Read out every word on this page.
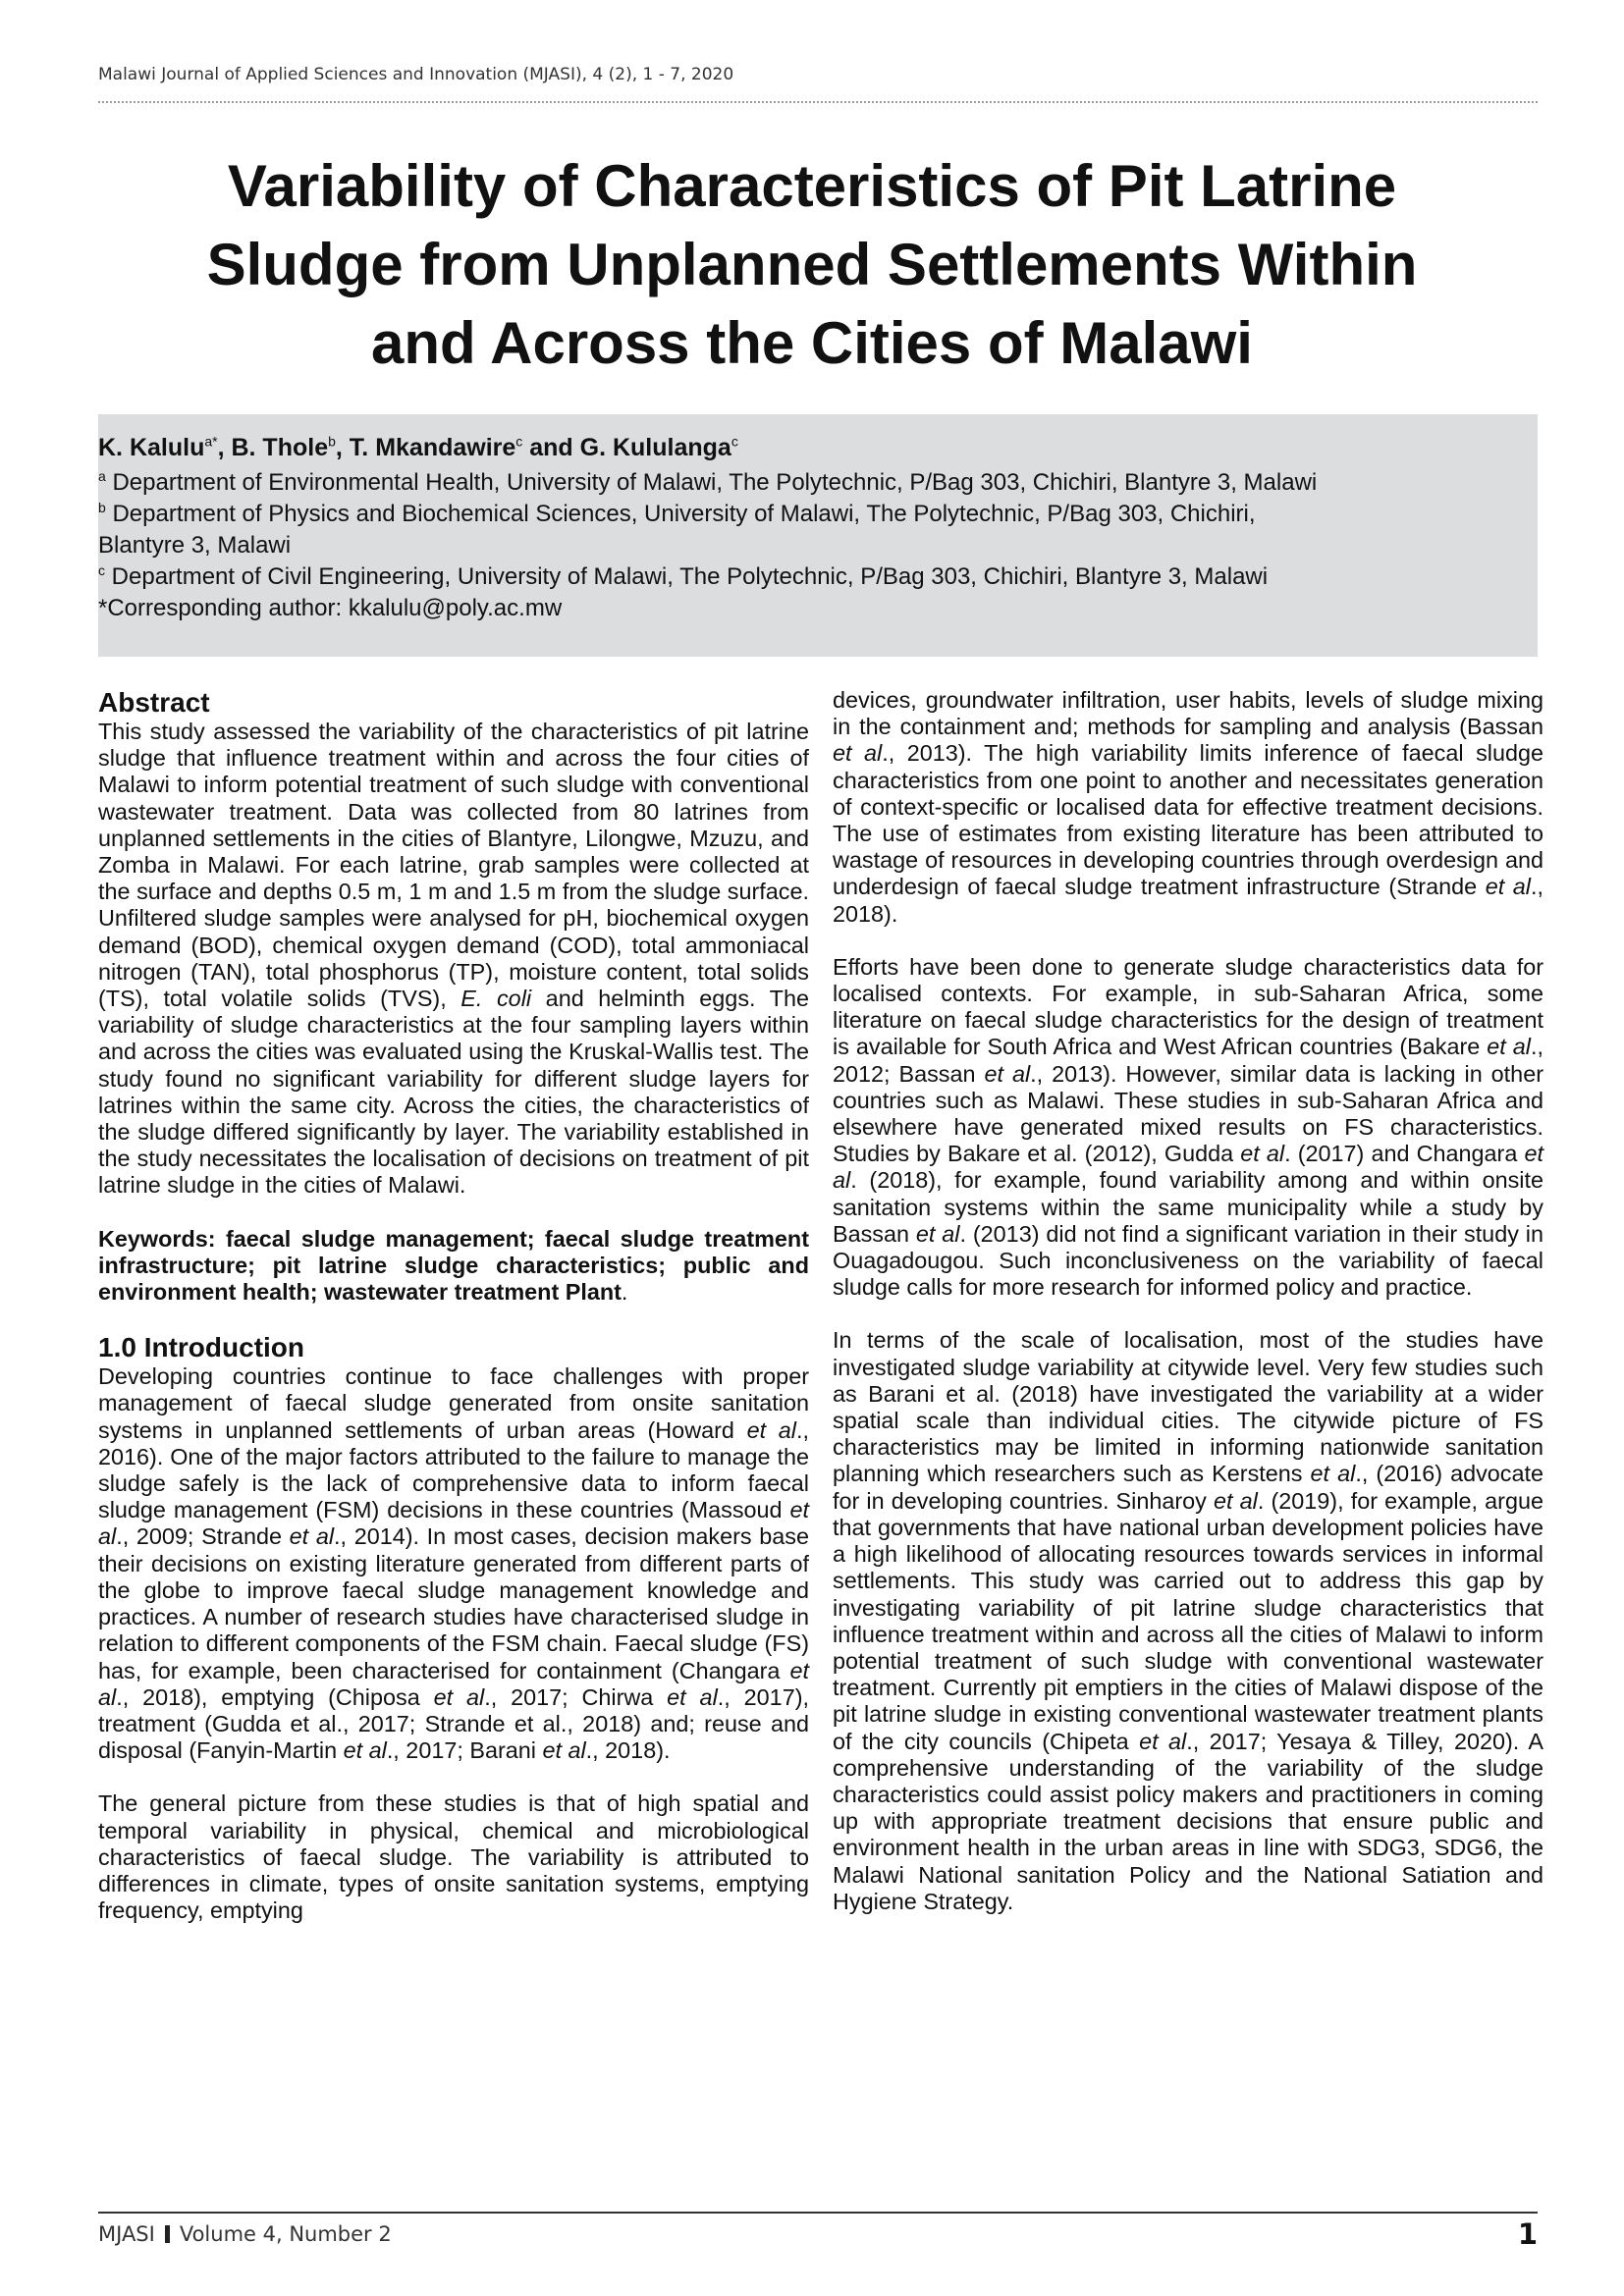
Malawi Journal of Applied Sciences and Innovation (MJASI), 4 (2), 1 - 7, 2020
Variability of Characteristics of Pit Latrine
Sludge from Unplanned Settlements Within
and Across the Cities of Malawi
K. Kalulu$^{a*}$, B. Thole$^b$, T. Mkandawire$^c$ and G. Kululanga$^c$

$^a$ Department of Environmental Health, University of Malawi, The Polytechnic, P/Bag 303, Chichiri, Blantyre 3, Malawi

$^b$ Department of Physics and Biochemical Sciences, University of Malawi, The Polytechnic, P/Bag 303, Chichiri,

Blantyre 3, Malawi

$^c$ Department of Civil Engineering, University of Malawi, The Polytechnic, P/Bag 303, Chichiri, Blantyre 3, Malawi

*Corresponding author: kkalulu@poly.ac.mw

Abstract

This study assessed the variability of the characteristics of pit latrine sludge that influence treatment within and across the four cities of Malawi to inform potential treatment of such sludge with conventional wastewater treatment. Data was collected from 80 latrines from unplanned settlements in the cities of Blantyre, Lilongwe, Mzuzu, and Zomba in Malawi. For each latrine, grab samples were collected at the surface and depths 0.5 m, 1 m and 1.5 m from the sludge surface. Unfiltered sludge samples were analysed for pH, biochemical oxygen demand (BOD), chemical oxygen demand (COD), total ammoniacal nitrogen (TAN), total phosphorus (TP), moisture content, total solids (TS), total volatile solids (TVS), E. coli and helminth eggs. The variability of sludge characteristics at the four sampling layers within and across the cities was evaluated using the Kruskal-Wallis test. The study found no significant variability for different sludge layers for latrines within the same city. Across the cities, the characteristics of the sludge differed significantly by layer. The variability established in the study necessitates the localisation of decisions on treatment of pit latrine sludge in the cities of Malawi.

Keywords: faecal sludge management; faecal sludge treatment infrastructure; pit latrine sludge characteristics; public and environment health; wastewater treatment Plant.

1.0 Introduction

Developing countries continue to face challenges with proper management of faecal sludge generated from onsite sanitation systems in unplanned settlements of urban areas (Howard et al., 2016). One of the major factors attributed to the failure to manage the sludge safely is the lack of comprehensive data to inform faecal sludge management (FSM) decisions in these countries (Massoud et al., 2009; Strande et al., 2014). In most cases, decision makers base their decisions on existing literature generated from different parts of the globe to improve faecal sludge management knowledge and practices. A number of research studies have characterised sludge in relation to different components of the FSM chain. Faecal sludge (FS) has, for example, been characterised for containment (Changara et al., 2018), emptying (Chiposa et al., 2017; Chirwa et al., 2017), treatment (Gudda et al., 2017; Strande et al., 2018) and; reuse and disposal (Fanyin-Martin et al., 2017; Barani et al., 2018).

The general picture from these studies is that of high spatial and temporal variability in physical, chemical and microbiological characteristics of faecal sludge. The variability is attributed to differences in climate, types of onsite sanitation systems, emptying frequency, emptying

devices, groundwater infiltration, user habits, levels of sludge mixing in the containment and; methods for sampling and analysis (Bassan et al., 2013). The high variability limits inference of faecal sludge characteristics from one point to another and necessitates generation of context-specific or localised data for effective treatment decisions. The use of estimates from existing literature has been attributed to wastage of resources in developing countries through overdesign and underdesign of faecal sludge treatment infrastructure (Strande et al., 2018).

Efforts have been done to generate sludge characteristics data for localised contexts. For example, in sub-Saharan Africa, some literature on faecal sludge characteristics for the design of treatment is available for South Africa and West African countries (Bakare et al., 2012; Bassan et al., 2013). However, similar data is lacking in other countries such as Malawi. These studies in sub-Saharan Africa and elsewhere have generated mixed results on FS characteristics. Studies by Bakare et al. (2012), Gudda et al. (2017) and Changara et al. (2018), for example, found variability among and within onsite sanitation systems within the same municipality while a study by Bassan et al. (2013) did not find a significant variation in their study in Ouagadougou. Such inconclusiveness on the variability of faecal sludge calls for more research for informed policy and practice.

In terms of the scale of localisation, most of the studies have investigated sludge variability at citywide level. Very few studies such as Barani et al. (2018) have investigated the variability at a wider spatial scale than individual cities. The citywide picture of FS characteristics may be limited in informing nationwide sanitation planning which researchers such as Kerstens et al., (2016) advocate for in developing countries. Sinharoy et al. (2019), for example, argue that governments that have national urban development policies have a high likelihood of allocating resources towards services in informal settlements. This study was carried out to address this gap by investigating variability of pit latrine sludge characteristics that influence treatment within and across all the cities of Malawi to inform potential treatment of such sludge with conventional wastewater treatment. Currently pit emptiers in the cities of Malawi dispose of the pit latrine sludge in existing conventional wastewater treatment plants of the city councils (Chipeta et al., 2017; Yesaya & Tilley, 2020). A comprehensive understanding of the variability of the sludge characteristics could assist policy makers and practitioners in coming up with appropriate treatment decisions that ensure public and environment health in the urban areas in line with SDG3, SDG6, the Malawi National sanitation Policy and the National Satiation and Hygiene Strategy.

MJASI Volume 4, Number 2	1
